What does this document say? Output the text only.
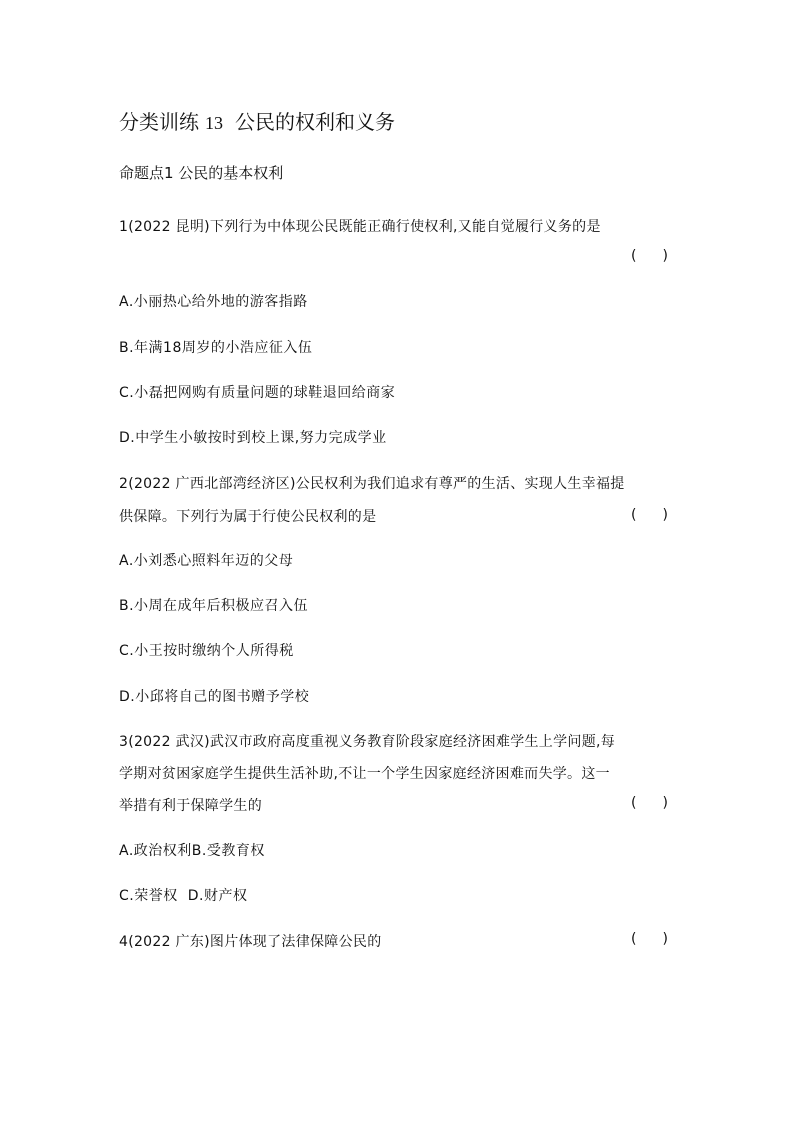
分类训练 13 公民的权利和义务
命题点1 公民的基本权利
1(2022 昆明)下列行为中体现公民既能正确行使权利,又能自觉履行义务的是
( )
A.小丽热心给外地的游客指路
B.年满18周岁的小浩应征入伍
C.小磊把网购有质量问题的球鞋退回给商家
D.中学生小敏按时到校上课,努力完成学业
2(2022 广西北部湾经济区)公民权利为我们追求有尊严的生活、实现人生幸福提
供保障。下列行为属于行使公民权利的是	( )
A.小刘悉心照料年迈的父母
B.小周在成年后积极应召入伍
C.小王按时缴纳个人所得税
D.小邱将自己的图书赠予学校
3(2022 武汉)武汉市政府高度重视义务教育阶段家庭经济困难学生上学问题,每
学期对贫困家庭学生提供生活补助,不让一个学生因家庭经济困难而失学。这一
举措有利于保障学生的	( )
A.政治权利B.受教育权
C.荣誉权 D.财产权
4(2022 广东)图片体现了法律保障公民的	( )
